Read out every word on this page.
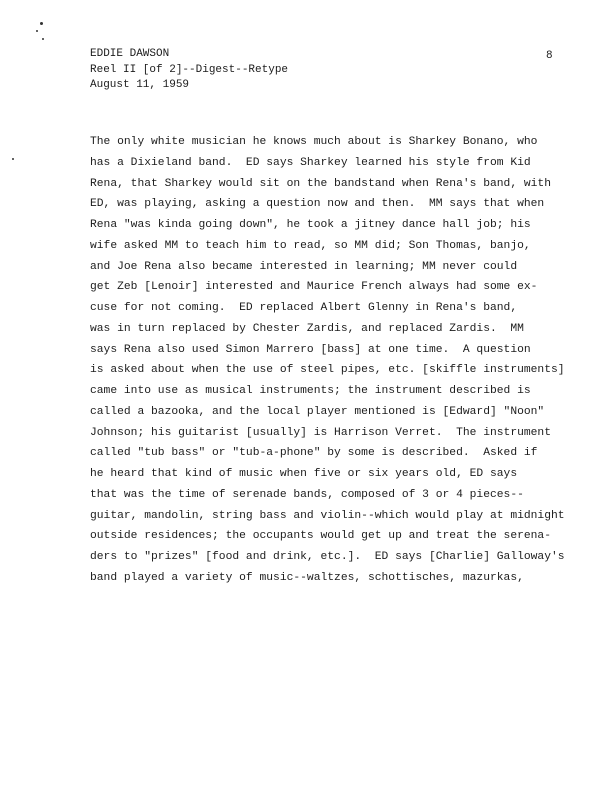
EDDIE DAWSON
Reel II [of 2]--Digest--Retype
August 11, 1959
8
The only white musician he knows much about is Sharkey Bonano, who
has a Dixieland band.  ED says Sharkey learned his style from Kid
Rena, that Sharkey would sit on the bandstand when Rena's band, with
ED, was playing, asking a question now and then.  MM says that when
Rena "was kinda going down", he took a jitney dance hall job; his
wife asked MM to teach him to read, so MM did; Son Thomas, banjo,
and Joe Rena also became interested in learning; MM never could
get Zeb [Lenoir] interested and Maurice French always had some ex-
cuse for not coming.  ED replaced Albert Glenny in Rena's band,
was in turn replaced by Chester Zardis, and replaced Zardis.  MM
says Rena also used Simon Marrero [bass] at one time.  A question
is asked about when the use of steel pipes, etc. [skiffle instruments]
came into use as musical instruments; the instrument described is
called a bazooka, and the local player mentioned is [Edward] "Noon"
Johnson; his guitarist [usually] is Harrison Verret.  The instrument
called "tub bass" or "tub-a-phone" by some is described.  Asked if
he heard that kind of music when five or six years old, ED says
that was the time of serenade bands, composed of 3 or 4 pieces--
guitar, mandolin, string bass and violin--which would play at midnight
outside residences; the occupants would get up and treat the serena-
ders to "prizes" [food and drink, etc.].  ED says [Charlie] Galloway's
band played a variety of music--waltzes, schottisches, mazurkas,
